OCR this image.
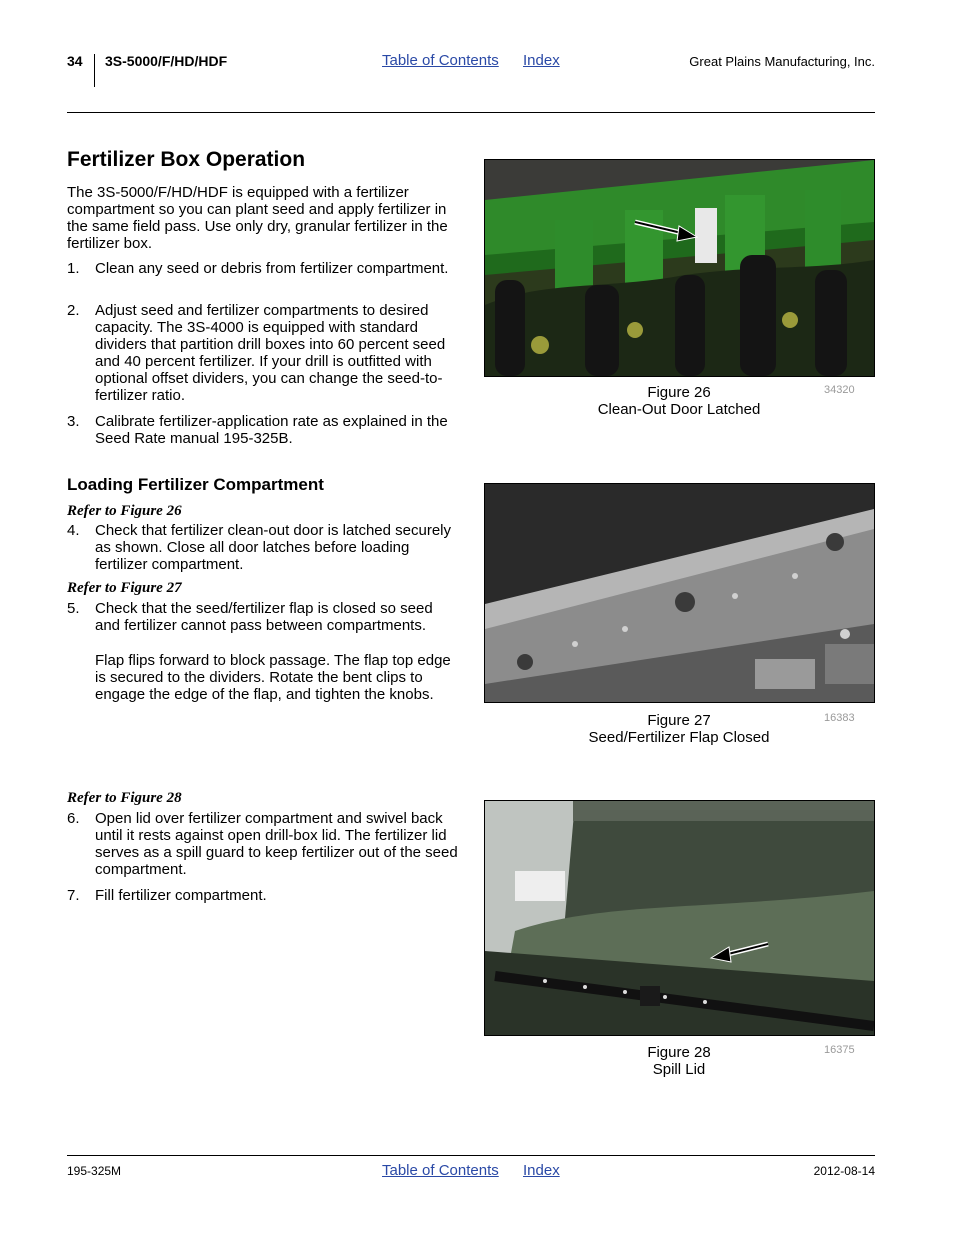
34 3S-5000/F/HD/HDF	Table of Contents Index	Great Plains Manufacturing, Inc.
Fertilizer Box Operation
The 3S-5000/F/HD/HDF is equipped with a fertilizer compartment so you can plant seed and apply fertilizer in the same field pass. Use only dry, granular fertilizer in the fertilizer box.
1. Clean any seed or debris from fertilizer compartment.
2. Adjust seed and fertilizer compartments to desired capacity. The 3S-4000 is equipped with standard dividers that partition drill boxes into 60 percent seed and 40 percent fertilizer. If your drill is outfitted with optional offset dividers, you can change the seed-to-fertilizer ratio.
3. Calibrate fertilizer-application rate as explained in the Seed Rate manual 195-325B.
Loading Fertilizer Compartment
Refer to Figure 26
4. Check that fertilizer clean-out door is latched securely as shown. Close all door latches before loading fertilizer compartment.
Refer to Figure 27
5. Check that the seed/fertilizer flap is closed so seed and fertilizer cannot pass between compartments.
Flap flips forward to block passage. The flap top edge is secured to the dividers. Rotate the bent clips to engage the edge of the flap, and tighten the knobs.
Refer to Figure 28
6. Open lid over fertilizer compartment and swivel back until it rests against open drill-box lid. The fertilizer lid serves as a spill guard to keep fertilizer out of the seed compartment.
7. Fill fertilizer compartment.
Figure 26
Clean-Out Door Latched
34320
Figure 27
Seed/Fertilizer Flap Closed
16383
Figure 28
Spill Lid
16375
195-325M	Table of Contents Index	2012-08-14
